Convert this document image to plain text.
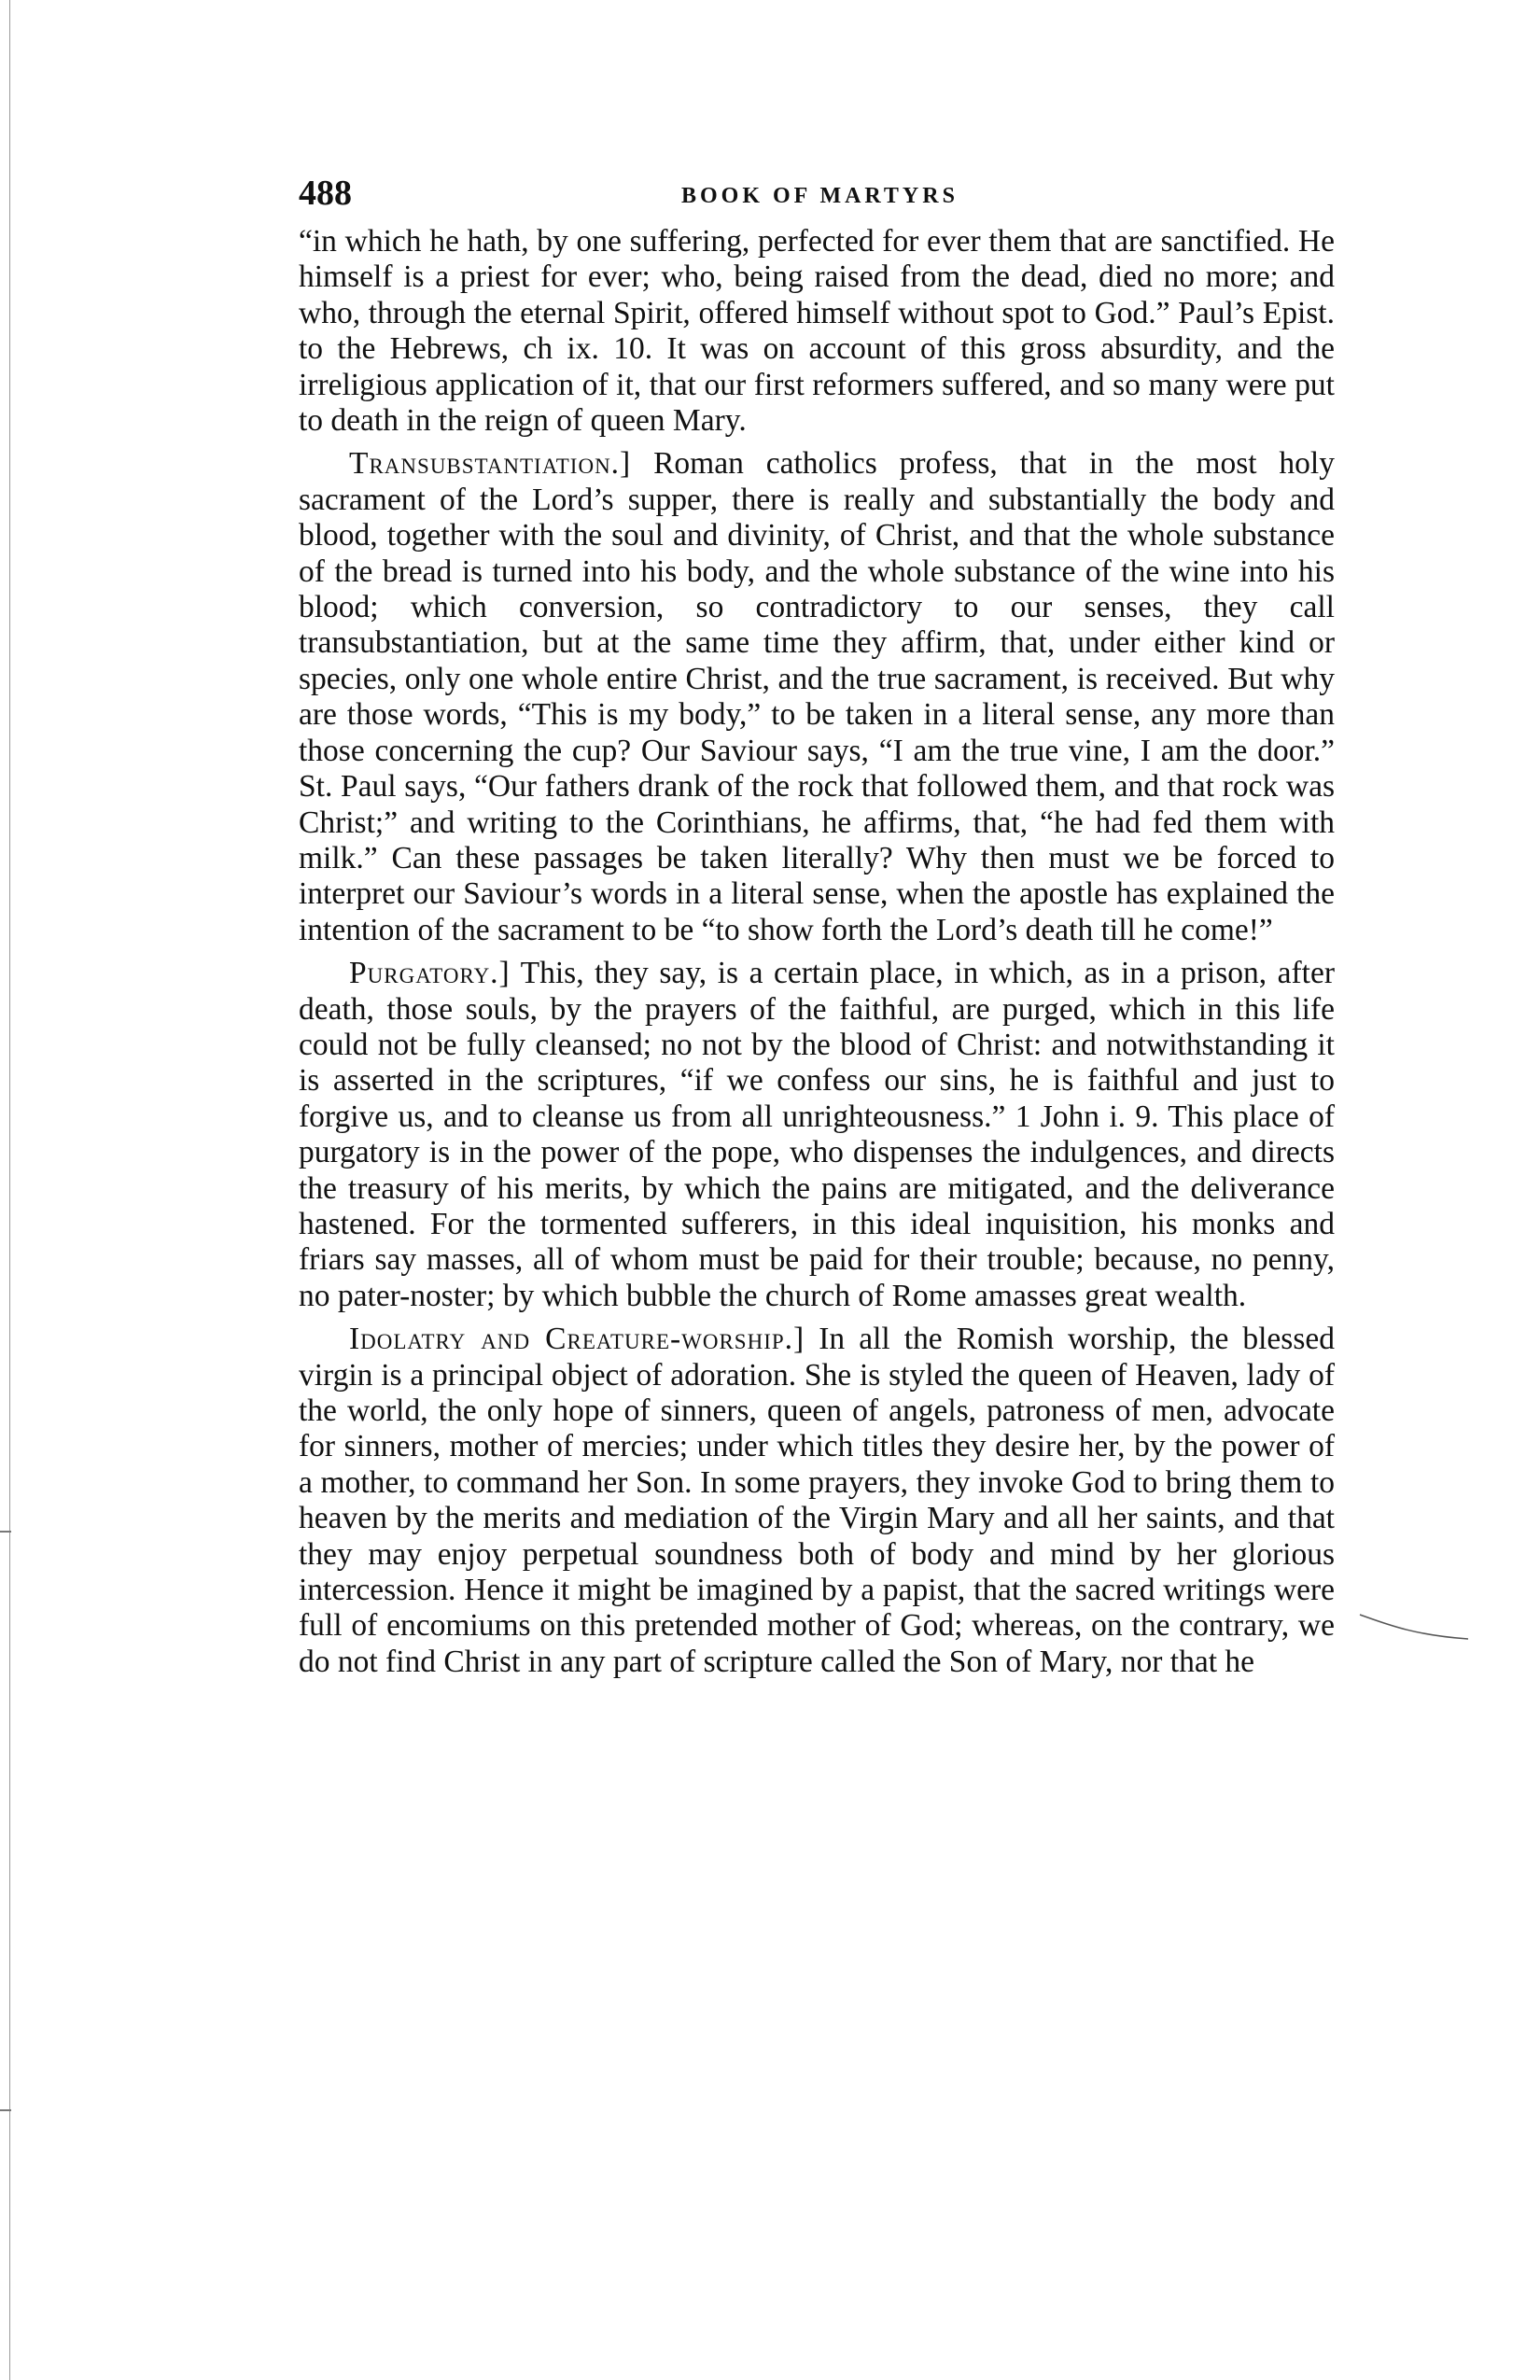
488	BOOK OF MARTYRS

“in which he hath, by one suffering, perfected for ever them that are sanctified. He himself is a priest for ever; who, being raised from the dead, died no more; and who, through the eternal Spirit, offered himself without spot to God.” Paul’s Epist. to the Hebrews, ch ix. 10. It was on account of this gross absurdity, and the irreligious application of it, that our first reformers suffered, and so many were put to death in the reign of queen Mary.

Transubstantiation.] Roman catholics profess, that in the most holy sacrament of the Lord’s supper, there is really and substantially the body and blood, together with the soul and divinity, of Christ, and that the whole substance of the bread is turned into his body, and the whole substance of the wine into his blood; which conversion, so contradictory to our senses, they call transubstantiation, but at the same time they affirm, that, under either kind or species, only one whole entire Christ, and the true sacrament, is received. But why are those words, “This is my body,” to be taken in a literal sense, any more than those concerning the cup? Our Saviour says, “I am the true vine, I am the door.” St. Paul says, “Our fathers drank of the rock that followed them, and that rock was Christ;” and writing to the Corinthians, he affirms, that, “he had fed them with milk.” Can these passages be taken literally? Why then must we be forced to interpret our Saviour’s words in a literal sense, when the apostle has explained the intention of the sacrament to be “to show forth the Lord’s death till he come!”

Purgatory.] This, they say, is a certain place, in which, as in a prison, after death, those souls, by the prayers of the faithful, are purged, which in this life could not be fully cleansed; no not by the blood of Christ: and notwithstanding it is asserted in the scriptures, “if we confess our sins, he is faithful and just to forgive us, and to cleanse us from all unrighteousness.” 1 John i. 9. This place of purgatory is in the power of the pope, who dispenses the indulgences, and directs the treasury of his merits, by which the pains are mitigated, and the deliverance hastened. For the tormented sufferers, in this ideal inquisition, his monks and friars say masses, all of whom must be paid for their trouble; because, no penny, no pater-noster; by which bubble the church of Rome amasses great wealth.

Idolatry and Creature-worship.] In all the Romish worship, the blessed virgin is a principal object of adoration. She is styled the queen of Heaven, lady of the world, the only hope of sinners, queen of angels, patroness of men, advocate for sinners, mother of mercies; under which titles they desire her, by the power of a mother, to command her Son. In some prayers, they invoke God to bring them to heaven by the merits and mediation of the Virgin Mary and all her saints, and that they may enjoy perpetual soundness both of body and mind by her glorious intercession. Hence it might be imagined by a papist, that the sacred writings were full of encomiums on this pretended mother of God; whereas, on the contrary, we do not find Christ in any part of scripture called the Son of Mary, nor that he
